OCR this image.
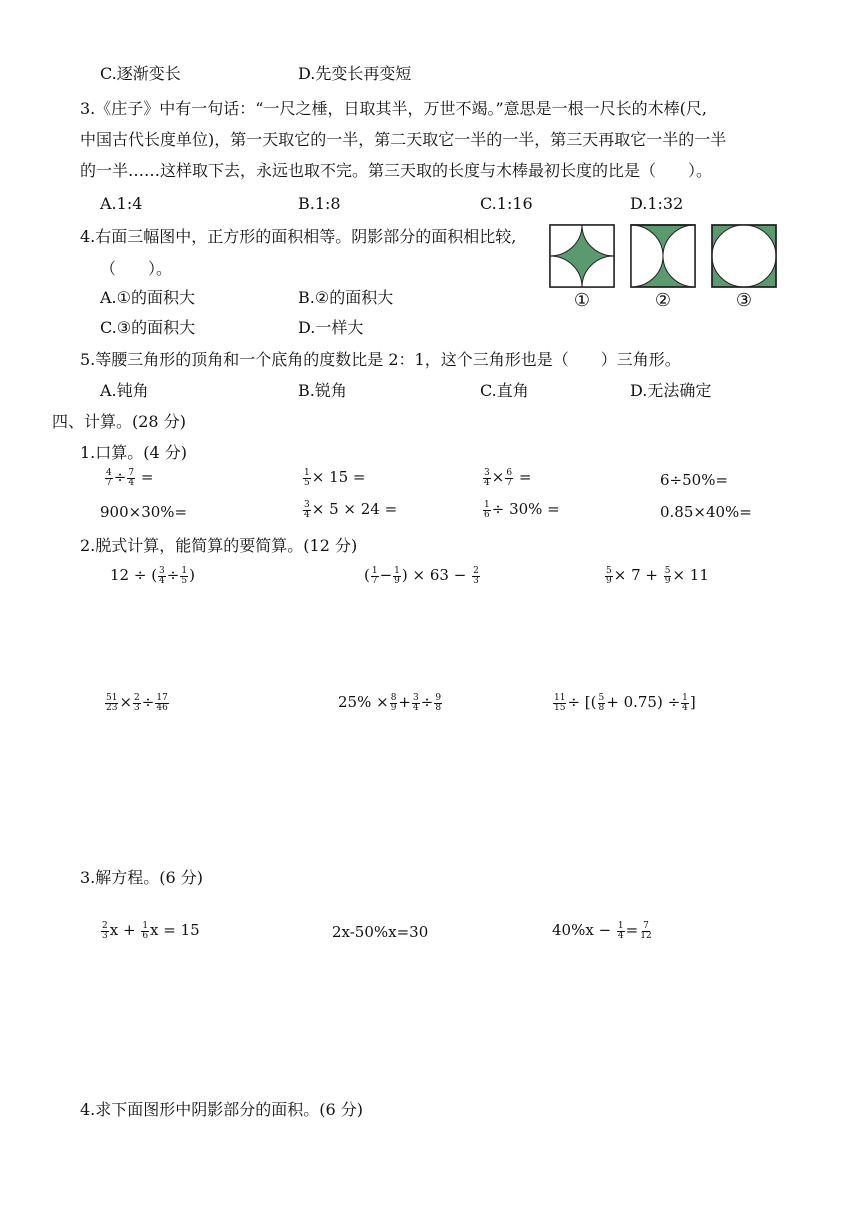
C.逐渐变长	D.先变长再变短
3.《庄子》中有一句话：“一尺之棰，日取其半，万世不竭。”意思是一根一尺长的木棒(尺,
中国古代长度单位)，第一天取它的一半，第二天取它一半的一半，第三天再取它一半的一半
的一半……这样取下去，永远也取不完。第三天取的长度与木棒最初长度的比是（　　）。
A.1:4	B.1:8	C.1:16	D.1:32
4.右面三幅图中，正方形的面积相等。阴影部分的面积相比较,
（　　）。
A.①的面积大	B.②的面积大
C.③的面积大	D.一样大
①	②	③
5.等腰三角形的顶角和一个底角的度数比是 2：1，这个三角形也是（　　）三角形。
A.钝角	B.锐角	C.直角	D.无法确定
四、计算。(28 分)
1.口算。(4 分)
$\frac{4}{7} \div \frac{7}{4}$ =	$\frac{1}{5} \times 15$ =	$\frac{3}{4} \times \frac{6}{7}$ =	6÷50%=
900×30%=	$\frac{3}{4} \times 5 \times 24$ =	$\frac{1}{6} \div 30\%$ =	0.85×40%=
2.脱式计算，能简算的要简算。(12 分)
12 ÷ ( $\frac{3}{4} \div \frac{1}{5}$ )	( $\frac{1}{7} - \frac{1}{9}$ ) × $63 - \frac{2}{3}$	$\frac{5}{9} \times 7 + \frac{5}{9} \times 11$
$\frac{51}{23} \times \frac{2}{3} \div \frac{17}{46}$	$25\% \times \frac{8}{9} + \frac{3}{4} \div \frac{9}{8}$	$\frac{11}{15}$ ÷ [( $\frac{5}{8} + 0.75) \div \frac{1}{4}$ ]
3.解方程。(6 分)
$\frac{2}{3}$ $x + \frac{1}{6}$ x = 15	2x-50%x=30	$40\%x - \frac{1}{4} = \frac{7}{12}$
4.求下面图形中阴影部分的面积。(6 分)
